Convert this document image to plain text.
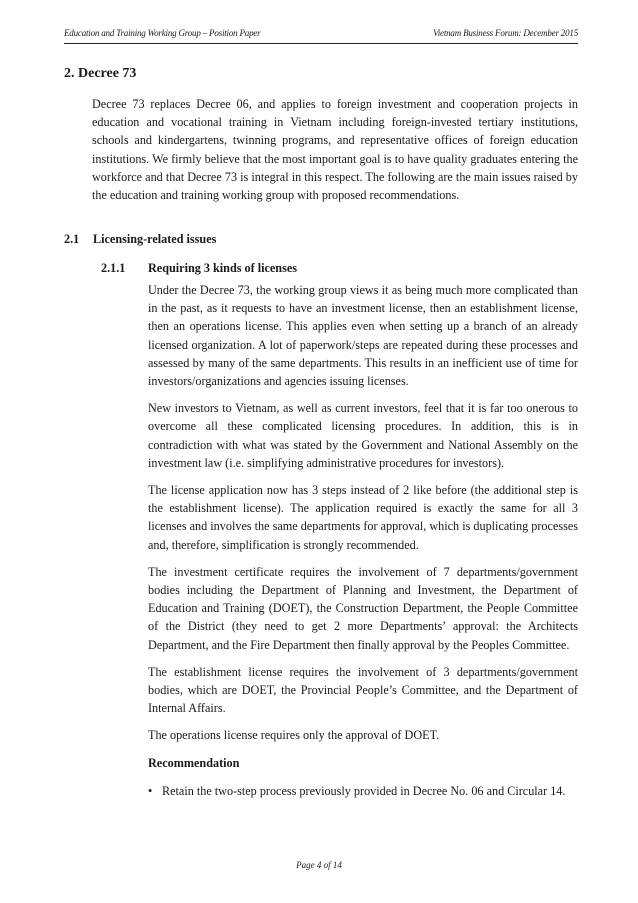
Education and Training Working Group – Position Paper	Vietnam Business Forum: December 2015
2. Decree 73

Decree 73 replaces Decree 06, and applies to foreign investment and cooperation projects in education and vocational training in Vietnam including foreign-invested tertiary institutions, schools and kindergartens, twinning programs, and representative offices of foreign education institutions. We firmly believe that the most important goal is to have quality graduates entering the workforce and that Decree 73 is integral in this respect. The following are the main issues raised by the education and training working group with proposed recommendations.

2.1	Licensing-related issues
2.1.1	Requiring 3 kinds of licenses

Under the Decree 73, the working group views it as being much more complicated than in the past, as it requests to have an investment license, then an establishment license, then an operations license. This applies even when setting up a branch of an already licensed organization. A lot of paperwork/steps are repeated during these processes and assessed by many of the same departments. This results in an inefficient use of time for investors/organizations and agencies issuing licenses.

New investors to Vietnam, as well as current investors, feel that it is far too onerous to overcome all these complicated licensing procedures. In addition, this is in contradiction with what was stated by the Government and National Assembly on the investment law (i.e. simplifying administrative procedures for investors).

The license application now has 3 steps instead of 2 like before (the additional step is the establishment license). The application required is exactly the same for all 3 licenses and involves the same departments for approval, which is duplicating processes and, therefore, simplification is strongly recommended.

The investment certificate requires the involvement of 7 departments/government bodies including the Department of Planning and Investment, the Department of Education and Training (DOET), the Construction Department, the People Committee of the District (they need to get 2 more Departments’ approval: the Architects Department, and the Fire Department then finally approval by the Peoples Committee.

The establishment license requires the involvement of 3 departments/government bodies, which are DOET, the Provincial People’s Committee, and the Department of Internal Affairs.

The operations license requires only the approval of DOET.

Recommendation
• Retain the two-step process previously provided in Decree No. 06 and Circular 14.
Page 4 of 14
